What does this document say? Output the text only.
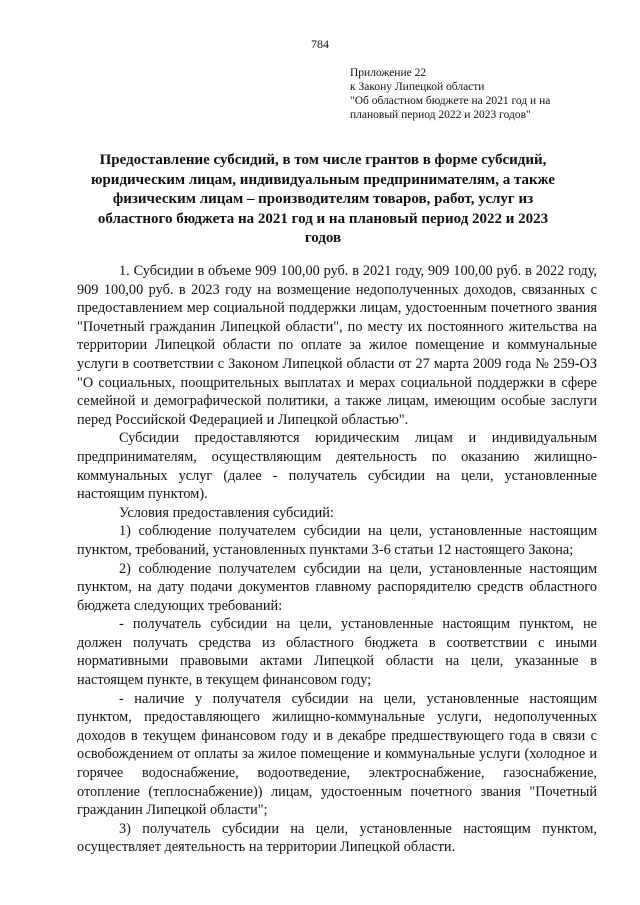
784
Приложение 22
к Закону Липецкой области
"Об областном бюджете на 2021 год и на
плановый период 2022 и 2023 годов"
Предоставление субсидий, в том числе грантов в форме субсидий, юридическим лицам, индивидуальным предпринимателям, а также физическим лицам – производителям товаров, работ, услуг из областного бюджета на 2021 год и на плановый период 2022 и 2023 годов

1. Субсидии в объеме 909 100,00 руб. в 2021 году, 909 100,00 руб. в 2022 году, 909 100,00 руб. в 2023 году на возмещение недополученных доходов, связанных с предоставлением мер социальной поддержки лицам, удостоенным почетного звания "Почетный гражданин Липецкой области", по месту их постоянного жительства на территории Липецкой области по оплате за жилое помещение и коммунальные услуги в соответствии с Законом Липецкой области от 27 марта 2009 года № 259-ОЗ "О социальных, поощрительных выплатах и мерах социальной поддержки в сфере семейной и демографической политики, а также лицам, имеющим особые заслуги перед Российской Федерацией и Липецкой областью".

Субсидии предоставляются юридическим лицам и индивидуальным предпринимателям, осуществляющим деятельность по оказанию жилищно-коммунальных услуг (далее - получатель субсидии на цели, установленные настоящим пунктом).

Условия предоставления субсидий:

1) соблюдение получателем субсидии на цели, установленные настоящим пунктом, требований, установленных пунктами 3-6 статьи 12 настоящего Закона;

2) соблюдение получателем субсидии на цели, установленные настоящим пунктом, на дату подачи документов главному распорядителю средств областного бюджета следующих требований:

- получатель субсидии на цели, установленные настоящим пунктом, не должен получать средства из областного бюджета в соответствии с иными нормативными правовыми актами Липецкой области на цели, указанные в настоящем пункте, в текущем финансовом году;

- наличие у получателя субсидии на цели, установленные настоящим пунктом, предоставляющего жилищно-коммунальные услуги, недополученных доходов в текущем финансовом году и в декабре предшествующего года в связи с освобождением от оплаты за жилое помещение и коммунальные услуги (холодное и горячее водоснабжение, водоотведение, электроснабжение, газоснабжение, отопление (теплоснабжение)) лицам, удостоенным почетного звания "Почетный гражданин Липецкой области";

3) получатель субсидии на цели, установленные настоящим пунктом, осуществляет деятельность на территории Липецкой области.
